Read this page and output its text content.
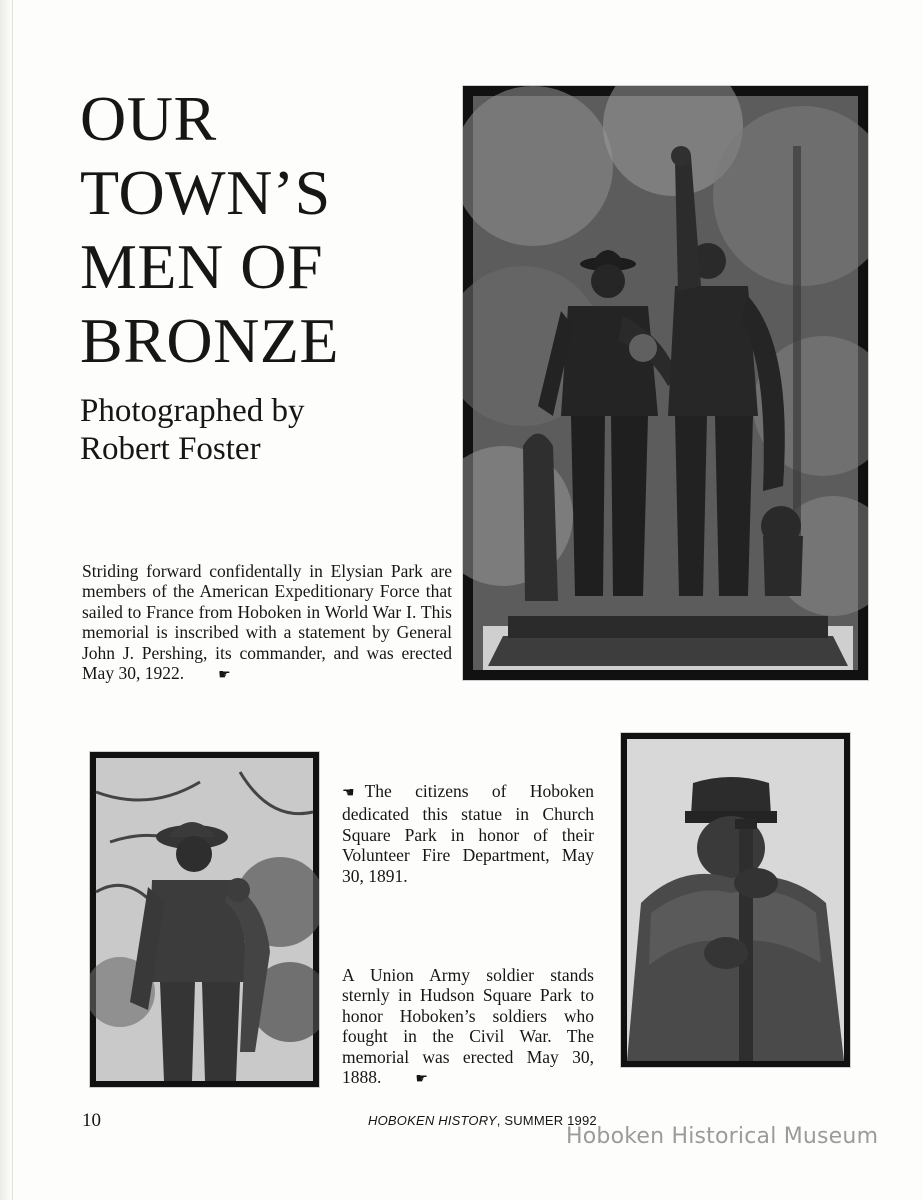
OUR
TOWN’S
MEN OF
BRONZE
Photographed by
Robert Foster

Striding forward confidentally in Elysian Park are members of the American Expeditionary Force that sailed to France from Hoboken in World War I. This memorial is inscribed with a statement by General John J. Pershing, its commander, and was erected May 30, 1922. ☛

☚ The citizens of Hoboken dedicated this statue in Church Square Park in honor of their Volunteer Fire Department, May 30, 1891.

A Union Army soldier stands sternly in Hudson Square Park to honor Hoboken’s soldiers who fought in the Civil War. The memorial was erected May 30, 1888. ☛

10	HOBOKEN HISTORY, SUMMER 1992
Hoboken Historical Museum
